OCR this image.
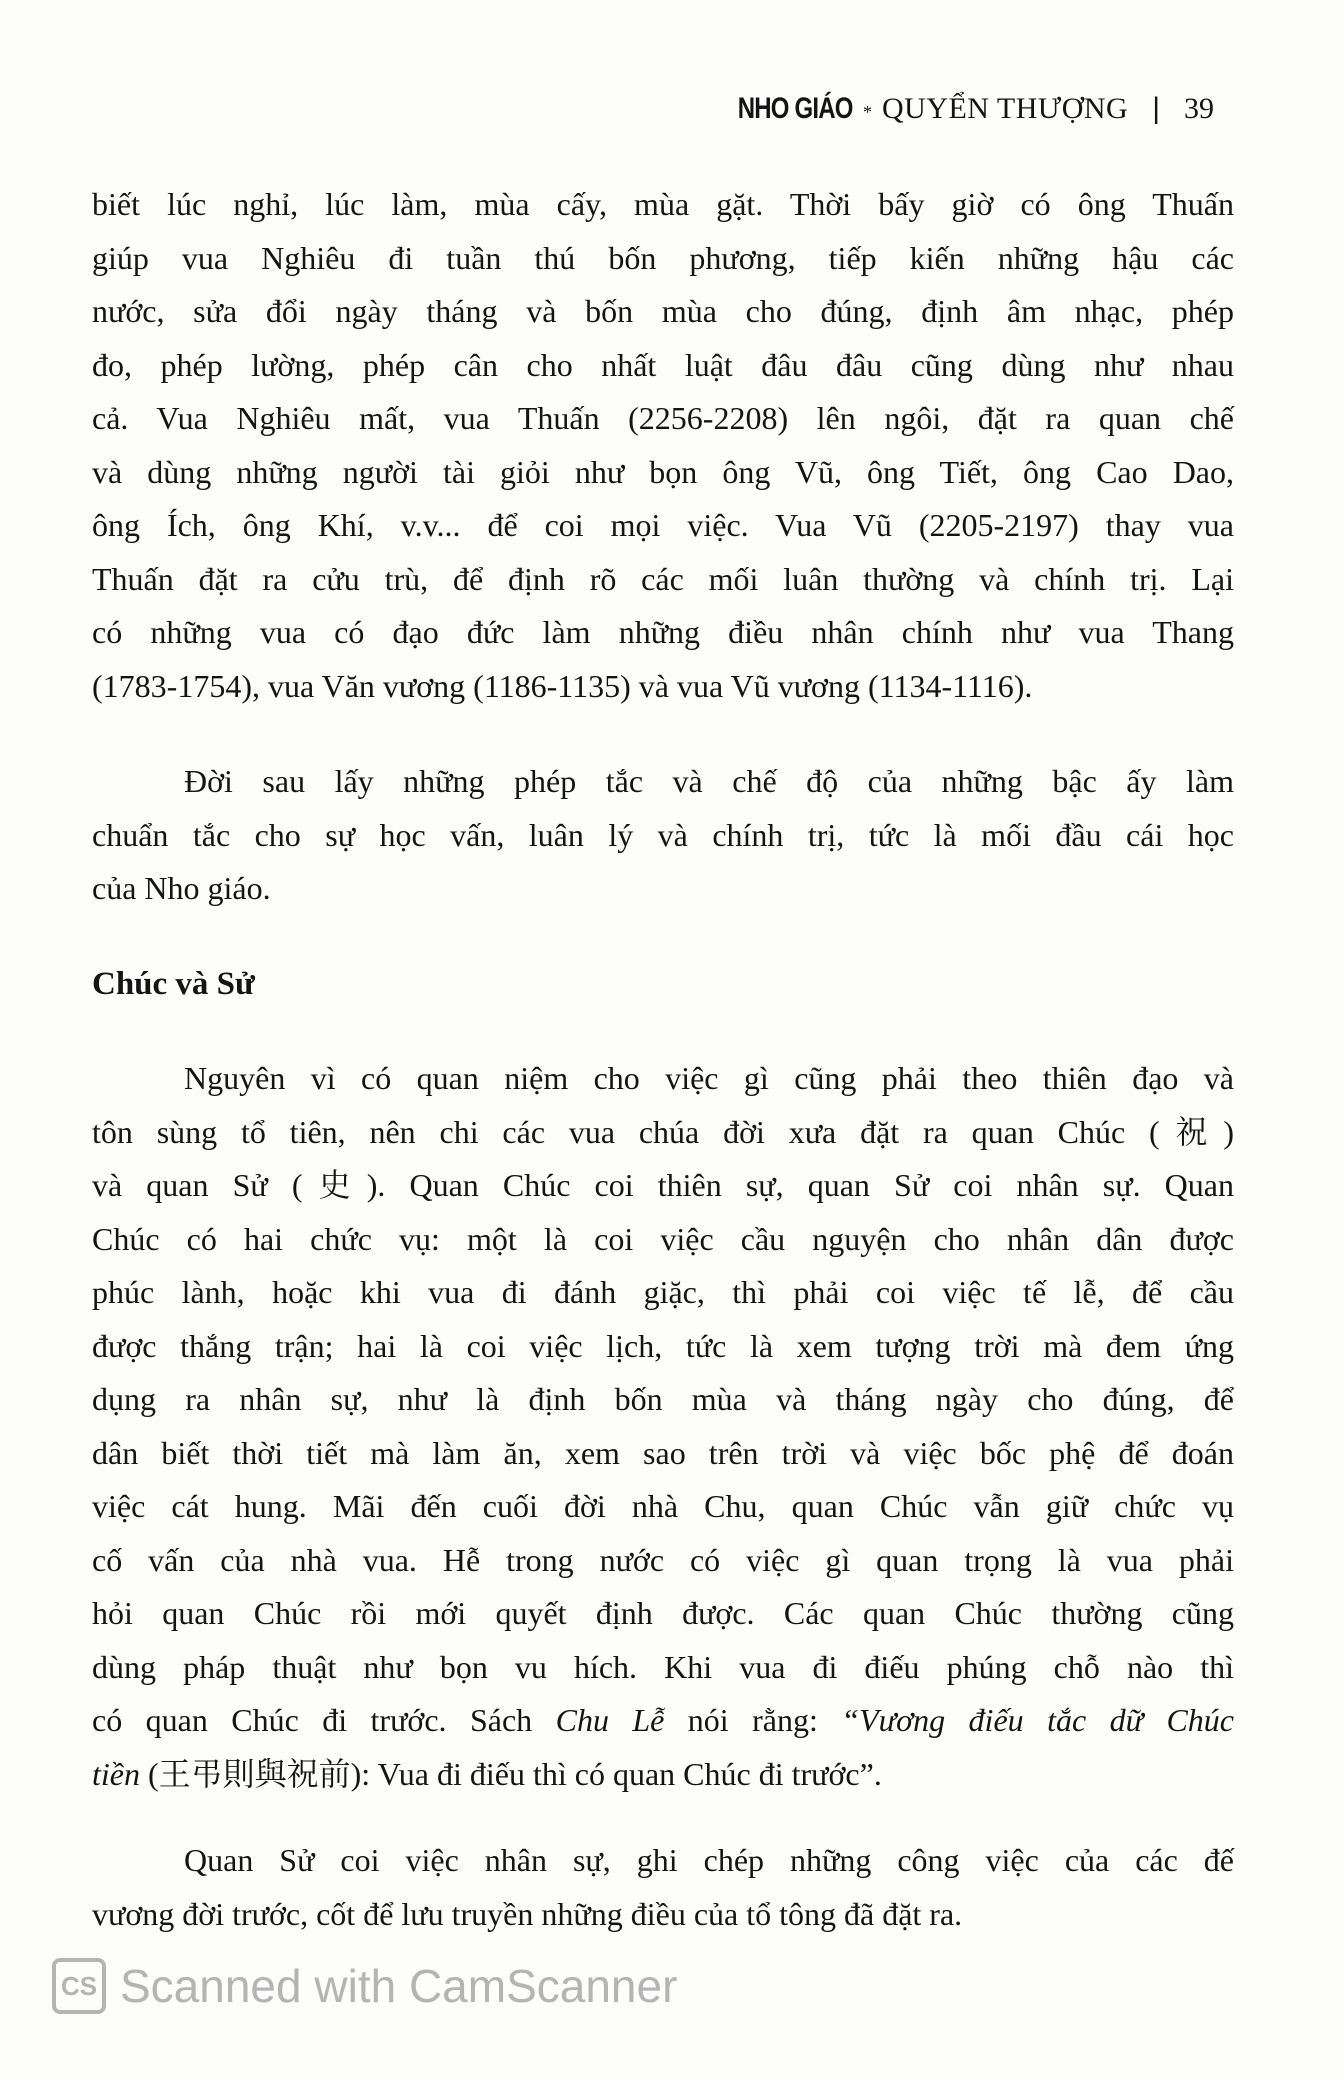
NHO GIÁO * QUYỂN THƯỢNG | 39
biết lúc nghỉ, lúc làm, mùa cấy, mùa gặt. Thời bấy giờ có ông Thuấn
giúp vua Nghiêu đi tuần thú bốn phương, tiếp kiến những hậu các
nước, sửa đổi ngày tháng và bốn mùa cho đúng, định âm nhạc, phép
đo, phép lường, phép cân cho nhất luật đâu đâu cũng dùng như nhau
cả. Vua Nghiêu mất, vua Thuấn (2256-2208) lên ngôi, đặt ra quan chế
và dùng những người tài giỏi như bọn ông Vũ, ông Tiết, ông Cao Dao,
ông Ích, ông Khí, v.v... để coi mọi việc. Vua Vũ (2205-2197) thay vua
Thuấn đặt ra cửu trù, để định rõ các mối luân thường và chính trị. Lại
có những vua có đạo đức làm những điều nhân chính như vua Thang
(1783-1754), vua Văn vương (1186-1135) và vua Vũ vương (1134-1116).
Đời sau lấy những phép tắc và chế độ của những bậc ấy làm
chuẩn tắc cho sự học vấn, luân lý và chính trị, tức là mối đầu cái học
của Nho giáo.
Chúc và Sử
Nguyên vì có quan niệm cho việc gì cũng phải theo thiên đạo và
tôn sùng tổ tiên, nên chi các vua chúa đời xưa đặt ra quan Chúc (祝)
và quan Sử (史). Quan Chúc coi thiên sự, quan Sử coi nhân sự. Quan
Chúc có hai chức vụ: một là coi việc cầu nguyện cho nhân dân được
phúc lành, hoặc khi vua đi đánh giặc, thì phải coi việc tế lễ, để cầu
được thắng trận; hai là coi việc lịch, tức là xem tượng trời mà đem ứng
dụng ra nhân sự, như là định bốn mùa và tháng ngày cho đúng, để
dân biết thời tiết mà làm ăn, xem sao trên trời và việc bốc phệ để đoán
việc cát hung. Mãi đến cuối đời nhà Chu, quan Chúc vẫn giữ chức vụ
cố vấn của nhà vua. Hễ trong nước có việc gì quan trọng là vua phải
hỏi quan Chúc rồi mới quyết định được. Các quan Chúc thường cũng
dùng pháp thuật như bọn vu hích. Khi vua đi điếu phúng chỗ nào thì
có quan Chúc đi trước. Sách Chu Lễ nói rằng: “Vương điếu tắc dữ Chúc
tiền (王弔則與祝前): Vua đi điếu thì có quan Chúc đi trước”.
Quan Sử coi việc nhân sự, ghi chép những công việc của các đế
vương đời trước, cốt để lưu truyền những điều của tổ tông đã đặt ra.
CS Scanned with CamScanner
